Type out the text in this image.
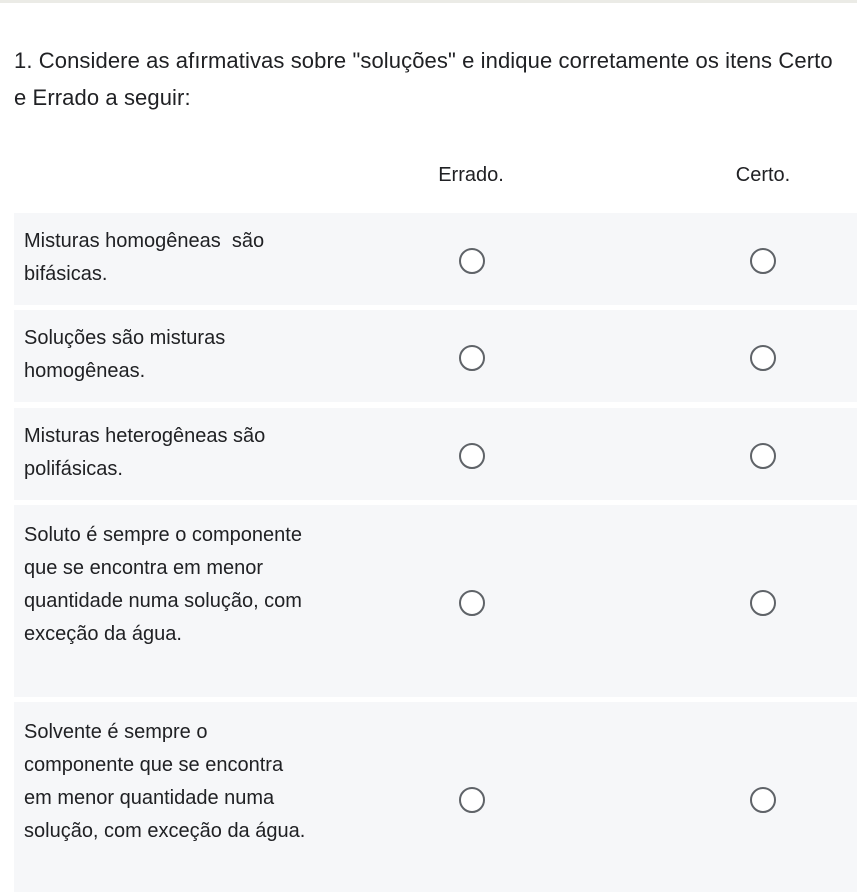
1. Considere as afırmativas sobre "soluções" e indique corretamente os itens Certo e Errado a seguir:

Errado.	Certo.
Misturas homogêneas  são bifásicas.
Soluções são misturas homogêneas.
Misturas heterogêneas são polifásicas.
Soluto é sempre o componente que se encontra em menor quantidade numa solução, com exceção da água.
Solvente é sempre o componente que se encontra em menor quantidade numa solução, com exceção da água.
